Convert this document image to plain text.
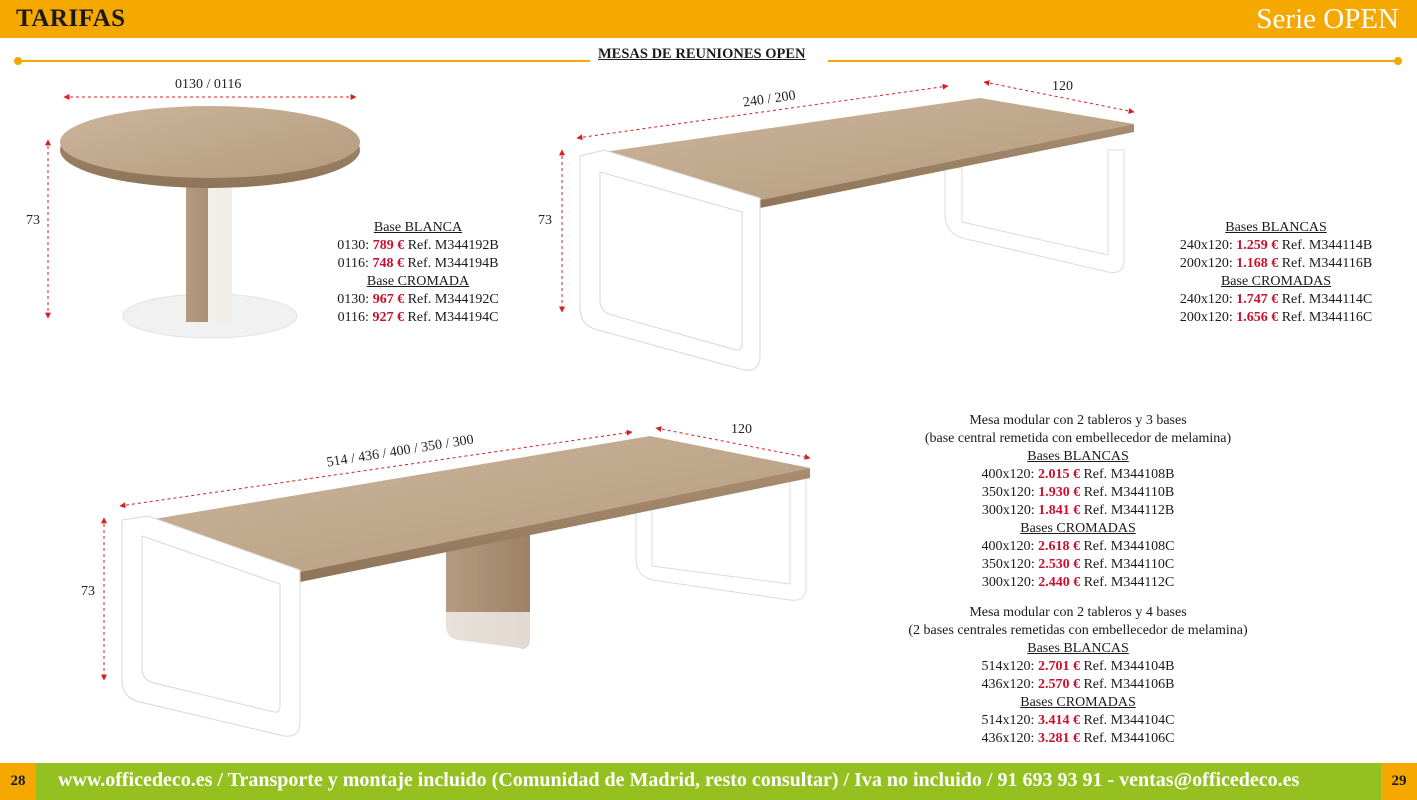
TARIFAS	Serie OPEN
MESAS DE REUNIONES OPEN
0130 / 0116
73
240 / 200
120
73
514 / 436 / 400 / 350 / 300
120
73
Base BLANCA
0130: 789 € Ref. M344192B
0116: 748 € Ref. M344194B
Base CROMADA
0130: 967 € Ref. M344192C
0116: 927 € Ref. M344194C
Bases BLANCAS
240x120: 1.259 € Ref. M344114B
200x120: 1.168 € Ref. M344116B
Base CROMADAS
240x120: 1.747 € Ref. M344114C
200x120: 1.656 € Ref. M344116C
Mesa modular con 2 tableros y 3 bases
(base central remetida con embellecedor de melamina)
Bases BLANCAS
400x120: 2.015 € Ref. M344108B
350x120: 1.930 € Ref. M344110B
300x120: 1.841 € Ref. M344112B
Bases CROMADAS
400x120: 2.618 € Ref. M344108C
350x120: 2.530 € Ref. M344110C
300x120: 2.440 € Ref. M344112C
Mesa modular con 2 tableros y 4 bases
(2 bases centrales remetidas con embellecedor de melamina)
Bases BLANCAS
514x120: 2.701 € Ref. M344104B
436x120: 2.570 € Ref. M344106B
Bases CROMADAS
514x120: 3.414 € Ref. M344104C
436x120: 3.281 € Ref. M344106C
28	www.officedeco.es / Transporte y montaje incluido (Comunidad de Madrid, resto consultar) / Iva no incluido / 91 693 93 91 - ventas@officedeco.es	29
